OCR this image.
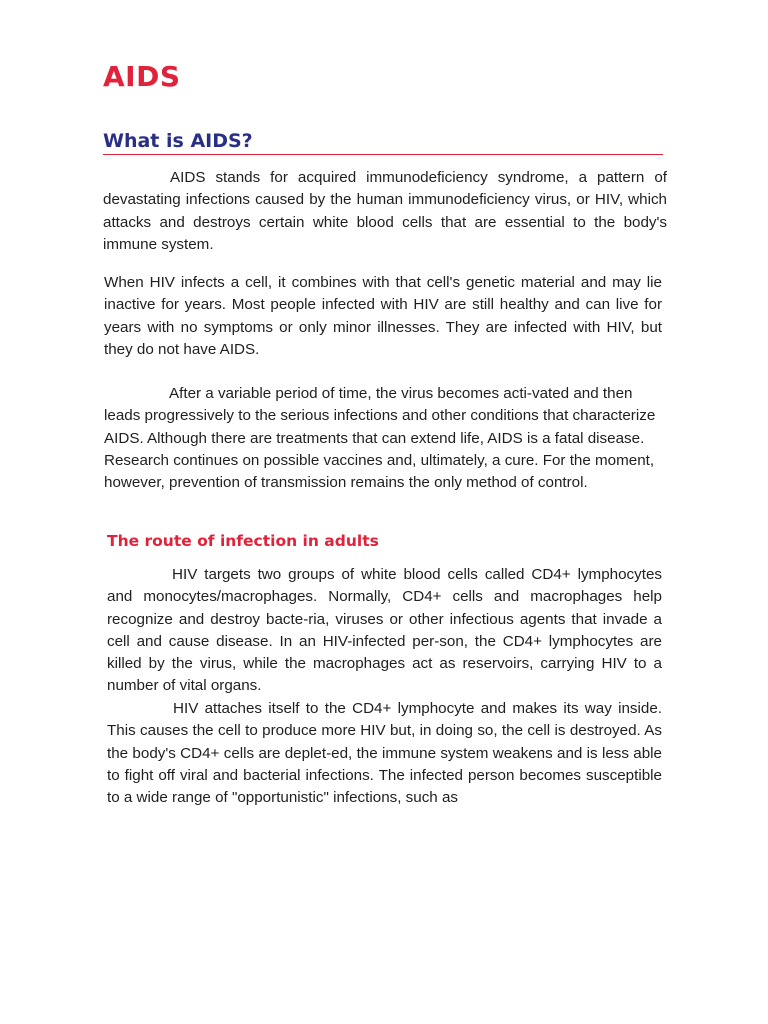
AIDS
What is AIDS?

AIDS stands for acquired immunodeficiency syndrome, a pattern of devastating infections caused by the human immunodeficiency virus, or HIV, which attacks and destroys certain white blood cells that are essential to the body's immune system.

When HIV infects a cell, it combines with that cell's genetic material and may lie inactive for years. Most people infected with HIV are still healthy and can live for years with no symptoms or only minor illnesses. They are infected with HIV, but they do not have AIDS.

After a variable period of time, the virus becomes acti-vated and then leads progressively to the serious infections and other conditions that characterize AIDS. Although there are treatments that can extend life, AIDS is a fatal disease. Research continues on possible vaccines and, ultimately, a cure. For the moment, however, prevention of transmission remains the only method of control.

The route of infection in adults

HIV targets two groups of white blood cells called CD4+ lymphocytes and monocytes/macrophages. Normally, CD4+ cells and macrophages help recognize and destroy bacte-ria, viruses or other infectious agents that invade a cell and cause disease. In an HIV-infected per-son, the CD4+ lymphocytes are killed by the virus, while the macrophages act as reservoirs, carrying HIV to a number of vital organs.

HIV attaches itself to the CD4+ lymphocyte and makes its way inside. This causes the cell to produce more HIV but, in doing so, the cell is destroyed. As the body's CD4+ cells are deplet-ed, the immune system weakens and is less able to fight off viral and bacterial infections. The infected person becomes susceptible to a wide range of "opportunistic" infections, such as
